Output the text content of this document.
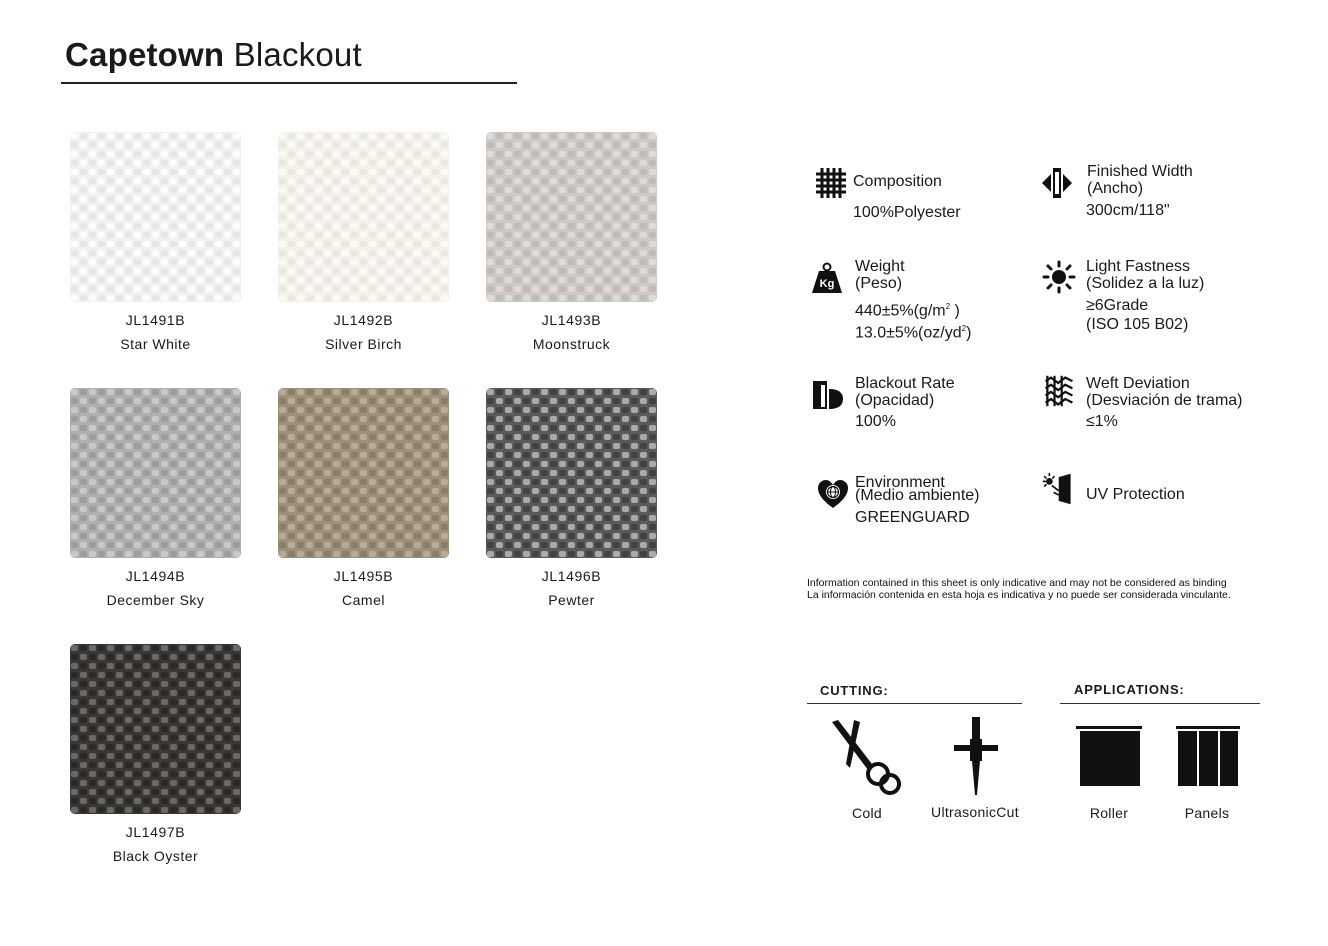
Capetown Blackout
JL1491B
Star White
JL1492B
Silver Birch
JL1493B
Moonstruck
JL1494B
December Sky
JL1495B
Camel
JL1496B
Pewter
JL1497B
Black Oyster
Composition
100%Polyester
Finished Width
(Ancho)
300cm/118"
Kg
Weight
(Peso)
$440\pm 5\%(g/m^2$ )
$13.0\pm 5\%(oz/yd^2)$
Light Fastness
(Solidez a la luz)
≥6Grade
(ISO 105 B02)
Blackout Rate
(Opacidad)
100%
Weft Deviation
(Desviación de trama)
≤1%
Environment
(Medio ambiente)
GREENGUARD
UV Protection
Information contained in this sheet is only indicative and may not be considered as binding
La información contenida en esta hoja es indicativa y no puede ser considerada vinculante.
CUTTING:
Cold	UltrasonicCut
APPLICATIONS:
Roller	Panels
